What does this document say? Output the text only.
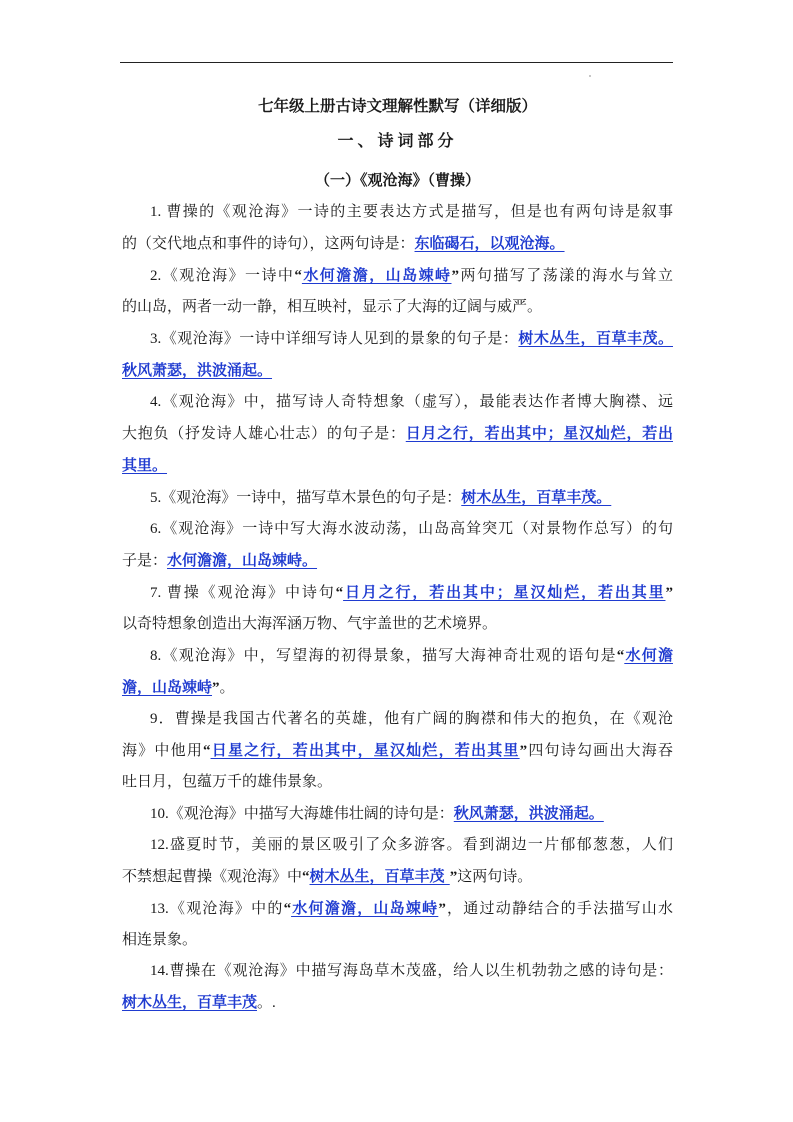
七年级上册古诗文理解性默写（详细版）
一、诗词部分
（一）《观沧海》（曹操）
1. 曹操的《观沧海》一诗的主要表达方式是描写，但是也有两句诗是叙事
的（交代地点和事件的诗句），这两句诗是：东临碣石，以观沧海。
2.《观沧海》一诗中“水何澹澹，山岛竦峙”两句描写了荡漾的海水与耸立
的山岛，两者一动一静，相互映衬，显示了大海的辽阔与威严。
3.《观沧海》一诗中详细写诗人见到的景象的句子是：树木丛生，百草丰茂。
秋风萧瑟，洪波涌起。
4.《观沧海》中，描写诗人奇特想象（虚写），最能表达作者博大胸襟、远
大抱负（抒发诗人雄心壮志）的句子是：日月之行，若出其中；星汉灿烂，若出
其里。
5.《观沧海》一诗中，描写草木景色的句子是：树木丛生，百草丰茂。
6.《观沧海》一诗中写大海水波动荡，山岛高耸突兀（对景物作总写）的句
子是：水何澹澹，山岛竦峙。
7. 曹操《观沧海》中诗句“日月之行，若出其中；星汉灿烂，若出其里”
以奇特想象创造出大海浑涵万物、气宇盖世的艺术境界。
8.《观沧海》中，写望海的初得景象，描写大海神奇壮观的语句是“水何澹
澹，山岛竦峙”。
9．曹操是我国古代著名的英雄，他有广阔的胸襟和伟大的抱负，在《观沧
海》中他用“日星之行，若出其中，星汉灿烂，若出其里”四句诗勾画出大海吞
吐日月，包蕴万千的雄伟景象。
10.《观沧海》中描写大海雄伟壮阔的诗句是：秋风萧瑟，洪波涌起。
12.盛夏时节，美丽的景区吸引了众多游客。看到湖边一片郁郁葱葱，人们
不禁想起曹操《观沧海》中“树木丛生，百草丰茂 ”这两句诗。
13.《观沧海》中的“水何澹澹，山岛竦峙”，通过动静结合的手法描写山水
相连景象。
14.曹操在《观沧海》中描写海岛草木茂盛，给人以生机勃勃之感的诗句是：
树木丛生，百草丰茂。.
